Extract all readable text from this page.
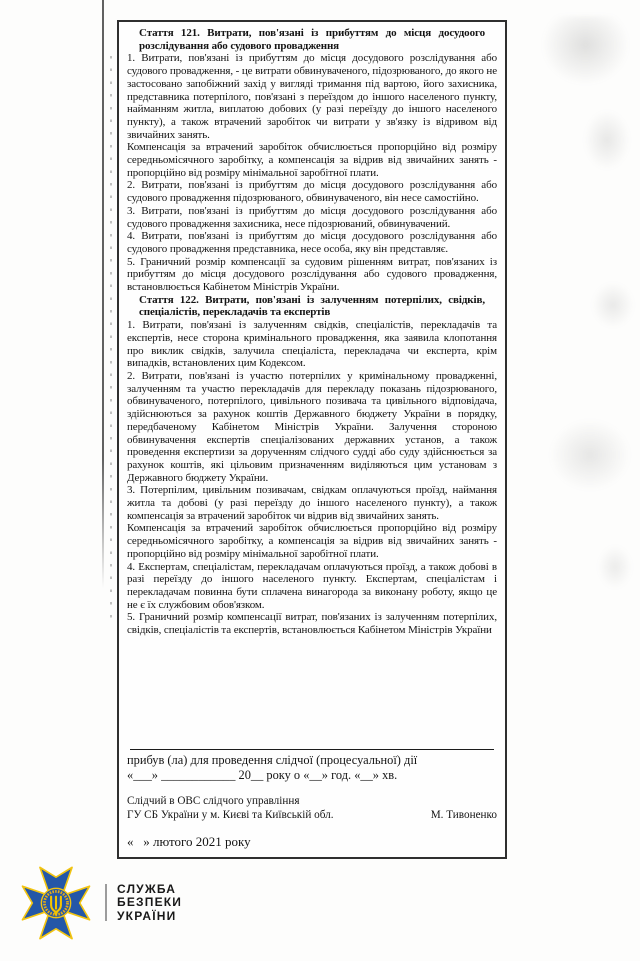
Стаття 121. Витрати, пов'язані із прибуттям до місця досудоого розслідування або судового провадження

1. Витрати, пов'язані із прибуттям до місця досудового розслідування або судового провадження, - це витрати обвинуваченого, підозрюваного, до якого не застосовано запобіжний захід у вигляді тримання під вартою, його захисника, представника потерпілого, пов'язані з переїздом до іншого населеного пункту, найманням житла, виплатою добових (у разі переїзду до іншого населеного пункту), а також втрачений заробіток чи витрати у зв'язку із відривом від звичайних занять.

Компенсація за втрачений заробіток обчислюється пропорційно від розміру середньомісячного заробітку, а компенсація за відрив від звичайних занять - пропорційно від розміру мінімальної заробітної плати.

2. Витрати, пов'язані із прибуттям до місця досудового розслідування або судового провадження підозрюваного, обвинуваченого, він несе самостійно.

3. Витрати, пов'язані із прибуттям до місця досудового розслідування або судового провадження захисника, несе підозрюваний, обвинувачений.

4. Витрати, пов'язані із прибуттям до місця досудового розслідування або судового провадження представника, несе особа, яку він представляє.

5. Граничний розмір компенсації за судовим рішенням витрат, пов'язаних із прибуттям до місця досудового розслідування або судового провадження, встановлюється Кабінетом Міністрів України.

Стаття 122. Витрати, пов'язані із залученням потерпілих, свідків, спеціалістів, перекладачів та експертів

1. Витрати, пов'язані із залученням свідків, спеціалістів, перекладачів та експертів, несе сторона кримінального провадження, яка заявила клопотання про виклик свідків, залучила спеціаліста, перекладача чи експерта, крім випадків, встановлених цим Кодексом.

2. Витрати, пов'язані із участю потерпілих у кримінальному провадженні, залученням та участю перекладачів для перекладу показань підозрюваного, обвинуваченого, потерпілого, цивільного позивача та цивільного відповідача, здійснюються за рахунок коштів Державного бюджету України в порядку, передбаченому Кабінетом Міністрів України. Залучення стороною обвинувачення експертів спеціалізованих державних установ, а також проведення експертизи за дорученням слідчого судді або суду здійснюється за рахунок коштів, які цільовим призначенням виділяються цим установам з Державного бюджету України.

3. Потерпілим, цивільним позивачам, свідкам оплачуються проїзд, наймання житла та добові (у разі переїзду до іншого населеного пункту), а також компенсація за втрачений заробіток чи відрив від звичайних занять.

Компенсація за втрачений заробіток обчислюється пропорційно від розміру середньомісячного заробітку, а компенсація за відрив від звичайних занять - пропорційно від розміру мінімальної заробітної плати.

4. Експертам, спеціалістам, перекладачам оплачуються проїзд, а також добові в разі переїзду до іншого населеного пункту. Експертам, спеціалістам і перекладачам повинна бути сплачена винагорода за виконану роботу, якщо це не є їх службовим обов'язком.

5. Граничний розмір компенсації витрат, пов'язаних із залученням потерпілих, свідків, спеціалістів та експертів, встановлюється Кабінетом Міністрів України

прибув (ла) для проведення слідчої (процесуальної) дії

«___» ____________ 20__ року о «__» год. «__» хв.

Слідчий в ОВС слідчого управління
ГУ СБ України у м. Києві та Київській обл.	М. Тивоненко
«   » лютого 2021 року
СЛУЖБА
БЕЗПЕКИ
УКРАЇНИ
